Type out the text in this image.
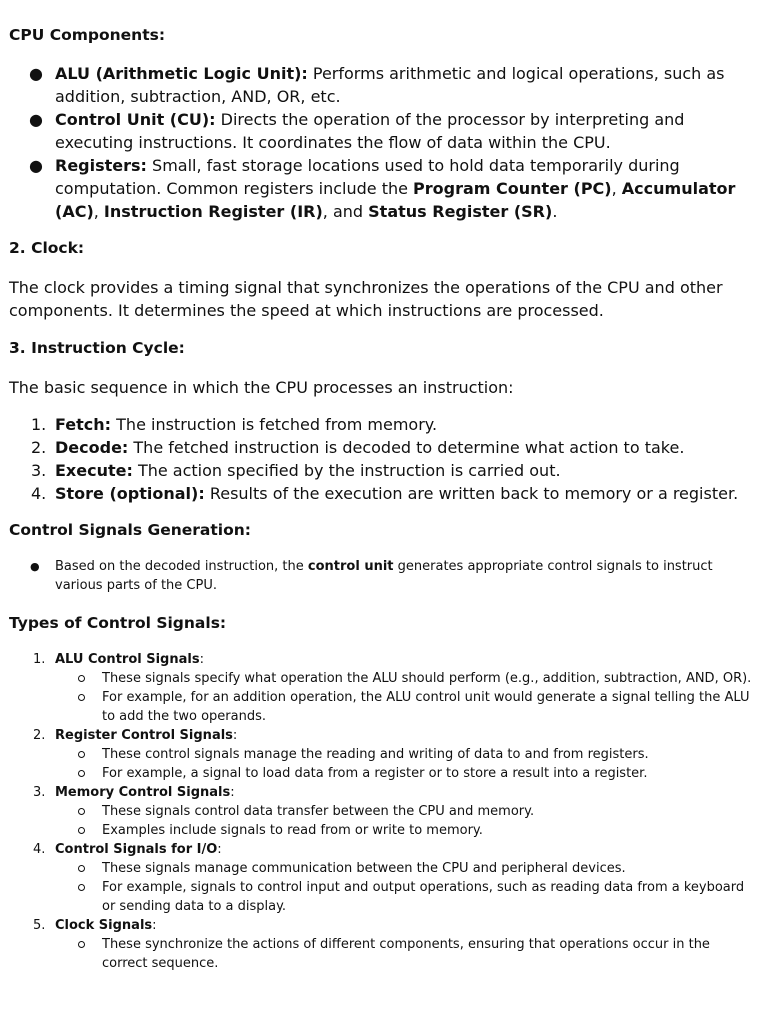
CPU Components:
● ALU (Arithmetic Logic Unit): Performs arithmetic and logical operations, such as addition, subtraction, AND, OR, etc.
● Control Unit (CU): Directs the operation of the processor by interpreting and executing instructions. It coordinates the flow of data within the CPU.
● Registers: Small, fast storage locations used to hold data temporarily during computation. Common registers include the Program Counter (PC), Accumulator (AC), Instruction Register (IR), and Status Register (SR).
2. Clock:

The clock provides a timing signal that synchronizes the operations of the CPU and other components. It determines the speed at which instructions are processed.

3. Instruction Cycle:

The basic sequence in which the CPU processes an instruction:

1. Fetch: The instruction is fetched from memory.
2. Decode: The fetched instruction is decoded to determine what action to take.
3. Execute: The action specified by the instruction is carried out.
4. Store (optional): Results of the execution are written back to memory or a register.
Control Signals Generation:
● Based on the decoded instruction, the control unit generates appropriate control signals to instruct various parts of the CPU.
Types of Control Signals:
1. ALU Control Signals:
These signals specify what operation the ALU should perform (e.g., addition, subtraction, AND, OR).
For example, for an addition operation, the ALU control unit would generate a signal telling the ALU to add the two operands.
2. Register Control Signals:
These control signals manage the reading and writing of data to and from registers.
For example, a signal to load data from a register or to store a result into a register.
3. Memory Control Signals:
These signals control data transfer between the CPU and memory.
Examples include signals to read from or write to memory.
4. Control Signals for I/O:
These signals manage communication between the CPU and peripheral devices.
For example, signals to control input and output operations, such as reading data from a keyboard or sending data to a display.
5. Clock Signals:
These synchronize the actions of different components, ensuring that operations occur in the correct sequence.
